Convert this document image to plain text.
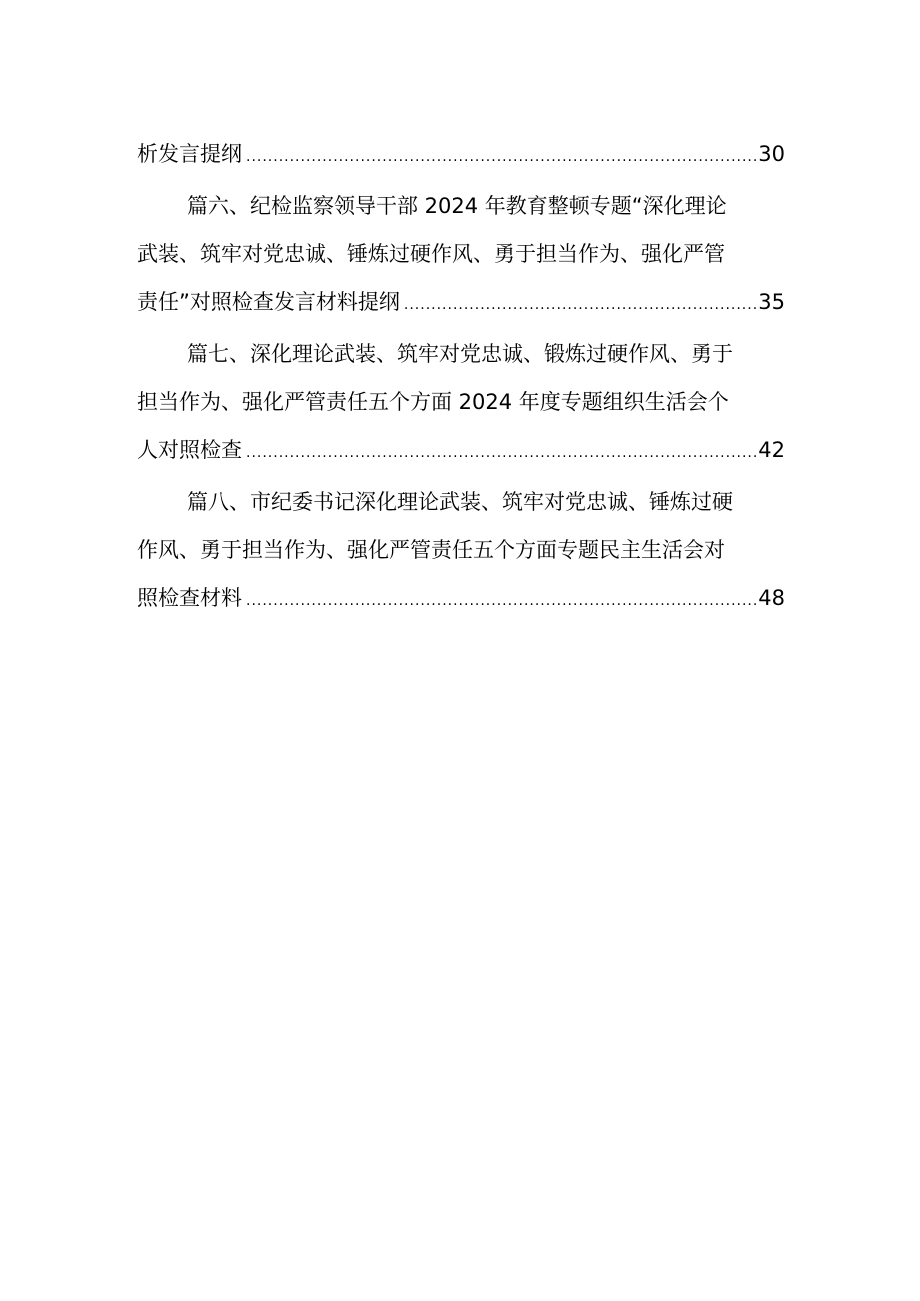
析发言提纲 .....	30
篇六、纪检监察领导干部 2024 年教育整顿专题“深化理论
武装、筑牢对党忠诚、锤炼过硬作风、勇于担当作为、强化严管
责任”对照检查发言材料提纲 .....	35
篇七、深化理论武装、筑牢对党忠诚、锻炼过硬作风、勇于
担当作为、强化严管责任五个方面 2024 年度专题组织生活会个
人对照检查 .....	42
篇八、市纪委书记深化理论武装、筑牢对党忠诚、锤炼过硬
作风、勇于担当作为、强化严管责任五个方面专题民主生活会对
照检查材料 .....	48
